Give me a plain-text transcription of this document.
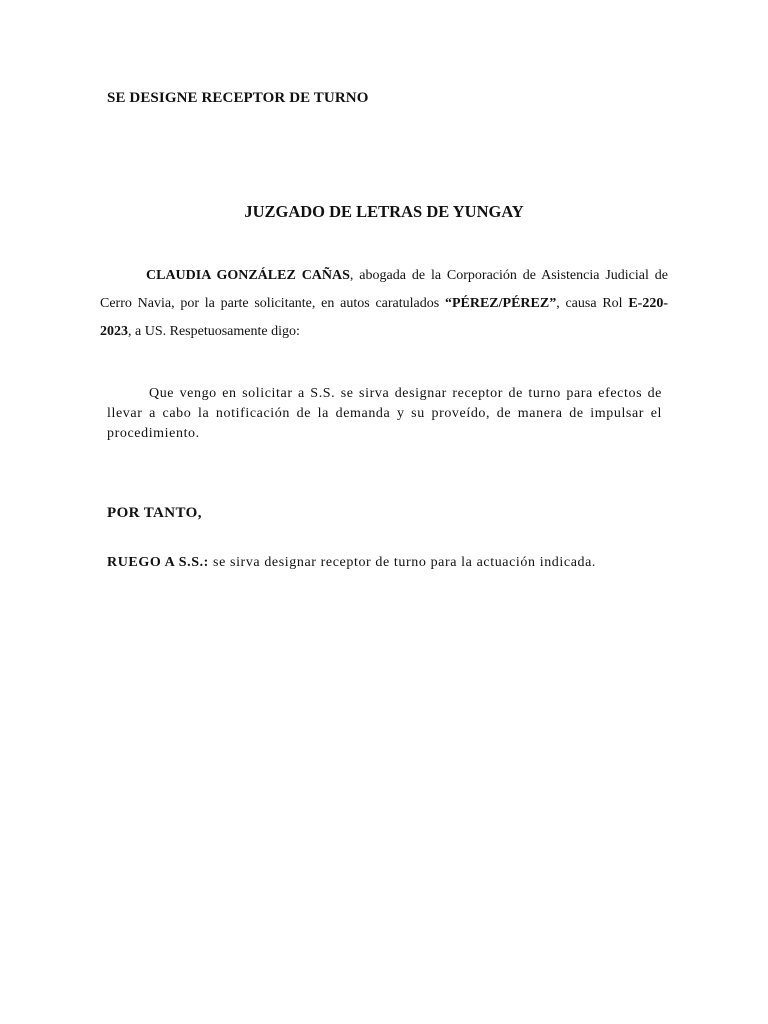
SE DESIGNE RECEPTOR DE TURNO
JUZGADO DE LETRAS DE YUNGAY
CLAUDIA GONZÁLEZ CAÑAS, abogada de la Corporación de Asistencia Judicial de Cerro Navia, por la parte solicitante, en autos caratulados “PÉREZ/PÉREZ”, causa Rol E-220-2023, a US. Respetuosamente digo:
Que vengo en solicitar a S.S. se sirva designar receptor de turno para efectos de llevar a cabo la notificación de la demanda y su proveído, de manera de impulsar el procedimiento.
POR TANTO,
RUEGO A S.S.: se sirva designar receptor de turno para la actuación indicada.
